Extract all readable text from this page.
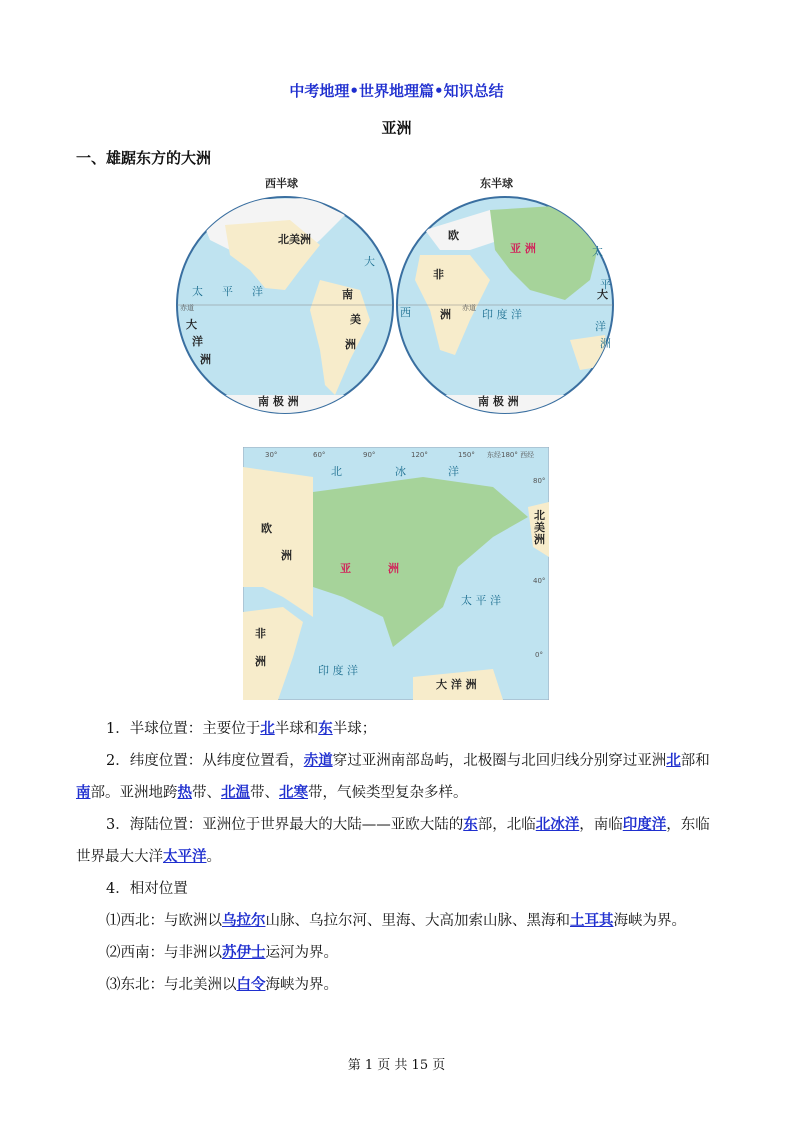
中考地理•世界地理篇•知识总结
亚洲
一、雄踞东方的大洲
西半球	东半球
北美洲
南
美
洲
太 平 洋
赤道
大
洋
洲
大
南 极 洲
欧
亚 洲
非
洲 赤道
西	印 度 洋
南 极 洲
大
洋
洲
太
平
30°	60°	90°	120°	150° 东经180° 西经
80°
40°
0°
北	冰	洋
欧
洲
亚	洲
北
美
洲
太 平 洋
非
洲
印 度 洋
大 洋 洲

1．半球位置：主要位于北半球和东半球；

2．纬度位置：从纬度位置看，赤道穿过亚洲南部岛屿，北极圈与北回归线分别穿过亚洲北部和南部。亚洲地跨热带、北温带、北寒带，气候类型复杂多样。

3．海陆位置：亚洲位于世界最大的大陆——亚欧大陆的东部，北临北冰洋，南临印度洋，东临世界最大大洋太平洋。

4．相对位置

⑴西北：与欧洲以乌拉尔山脉、乌拉尔河、里海、大高加索山脉、黑海和土耳其海峡为界。

⑵西南：与非洲以苏伊士运河为界。

⑶东北：与北美洲以白令海峡为界。

第 1 页 共 15 页
